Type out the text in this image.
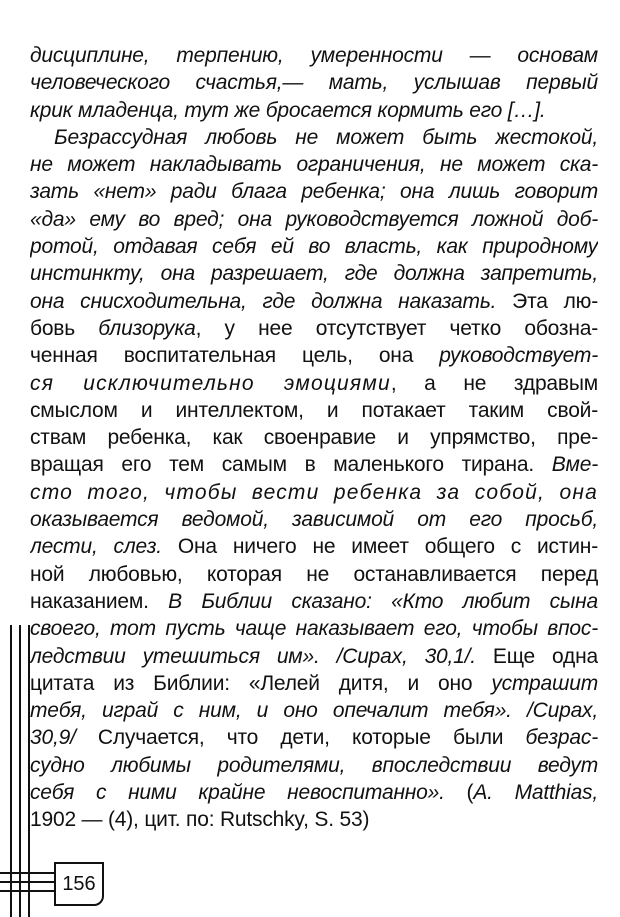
дисциплине, терпению, умеренности — основам
человеческого счастья,— мать, услышав первый
крик младенца, тут же бросается кормить его […].
Безрассудная любовь не может быть жестокой,
не может накладывать ограничения, не может ска-
зать «нет» ради блага ребенка; она лишь говорит
«да» ему во вред; она руководствуется ложной доб-
ротой, отдавая себя ей во власть, как природному
инстинкту, она разрешает, где должна запретить,
она снисходительна, где должна наказать. Эта лю-
бовь близорука, у нее отсутствует четко обозна-
ченная воспитательная цель, она руководствует-
ся исключительно эмоциями, а не здравым
смыслом и интеллектом, и потакает таким свой-
ствам ребенка, как своенравие и упрямство, пре-
вращая его тем самым в маленького тирана. Вме-
сто того, чтобы вести ребенка за собой, она
оказывается ведомой, зависимой от его просьб,
лести, слез. Она ничего не имеет общего с истин-
ной любовью, которая не останавливается перед
наказанием. В Библии сказано: «Кто любит сына
своего, тот пусть чаще наказывает его, чтобы впос-
ледствии утешиться им». /Сирах, 30,1/. Еще одна
цитата из Библии: «Лелей дитя, и оно устрашит
тебя, играй с ним, и оно опечалит тебя». /Сирах,
30,9/ Случается, что дети, которые были безрас-
судно любимы родителями, впоследствии ведут
себя с ними крайне невоспитанно». (A. Matthias,
1902 — (4), цит. по: Rutschky, S. 53)
156
